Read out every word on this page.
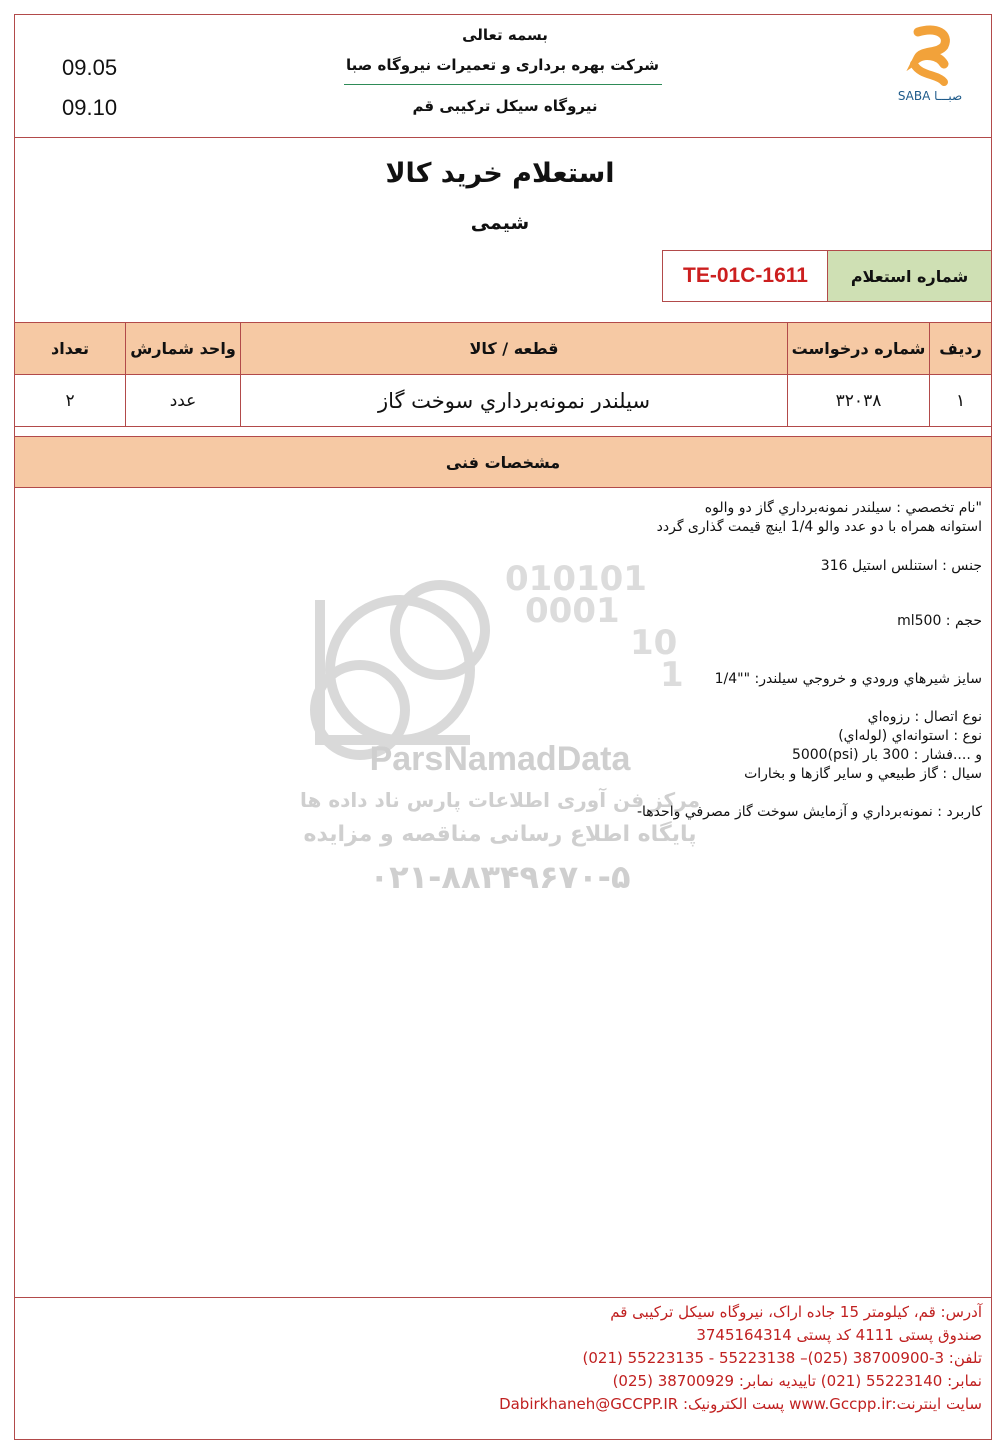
بسمه تعالی
شرکت بهره برداری و تعمیرات نیروگاه صبا
نیروگاه سیکل ترکیبی قم
09.05
09.10	SABA صبـــا
استعلام خرید کالا
شیمی
شماره استعلام
TE-01C-1611
ردیف
شماره درخواست
قطعه / کالا
واحد شمارش
تعداد
۱
۳۲۰۳۸
سيلندر نمونه‌برداري سوخت گاز
عدد
۲
مشخصات فنی
010101
0001
10
1
ParsNamadData
مرکز فن آوری اطلاعات پارس ناد داده ها
پایگاه اطلاع رسانی مناقصه و مزایده
۰۲۱-۸۸۳۴۹۶۷۰-۵
"نام تخصصي : سيلندر نمونه‌برداري گاز دو والوه
استوانه همراه با دو عدد والو 1/4 اینچ قیمت گذاری گردد
جنس : استنلس استيل 316
حجم : ml500
سايز شيرهاي ورودي و خروجي سيلندر: ""1/4
نوع اتصال : رزوه‌اي
نوع : استوانه‌اي (لوله‌اي)
و ....فشار : 300 بار (psi)5000
سيال : گاز طبيعي و ساير گازها و بخارات
كاربرد : نمونه‌برداري و آزمايش سوخت گاز مصرفي واحدها-
آدرس: قم، کیلومتر 15 جاده اراک، نیروگاه سیکل ترکیبی قم
صندوق پستی 4111 کد پستی 3745164314
تلفن: 3-38700900 (025)– 55223138 - 55223135 (021)
نمابر: 55223140 (021) تاییدیه نمابر: 38700929 (025)
سایت اینترنت:www.Gccpp.ir پست الکترونیک: Dabirkhaneh@GCCPP.IR
